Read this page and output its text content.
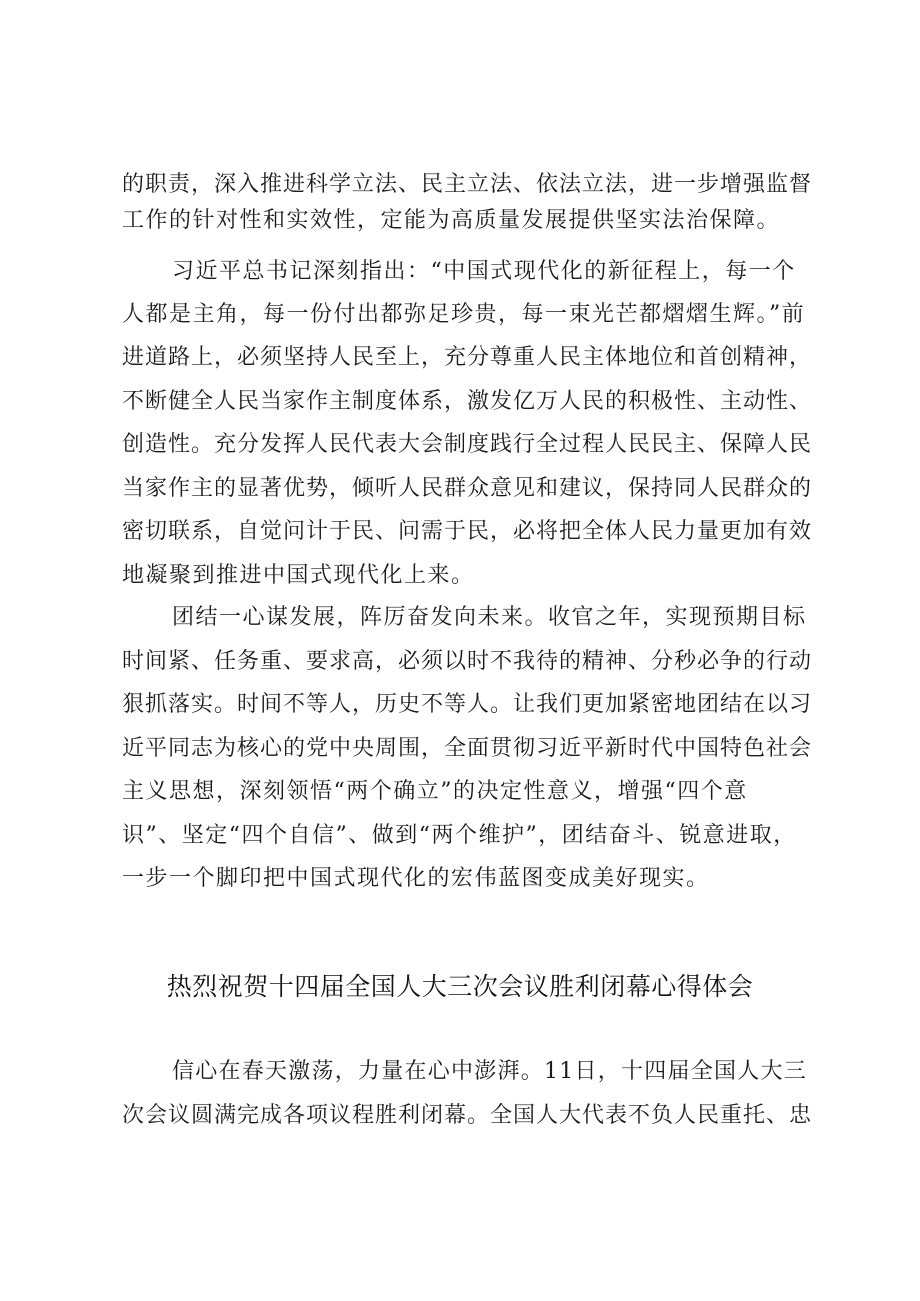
的职责，深入推进科学立法、民主立法、依法立法，进一步增强监督
工作的针对性和实效性，定能为高质量发展提供坚实法治保障。
习近平总书记深刻指出：“中国式现代化的新征程上，每一个
人都是主角，每一份付出都弥足珍贵，每一束光芒都熠熠生辉。”前
进道路上，必须坚持人民至上，充分尊重人民主体地位和首创精神，
不断健全人民当家作主制度体系，激发亿万人民的积极性、主动性、
创造性。充分发挥人民代表大会制度践行全过程人民民主、保障人民
当家作主的显著优势，倾听人民群众意见和建议，保持同人民群众的
密切联系，自觉问计于民、问需于民，必将把全体人民力量更加有效
地凝聚到推进中国式现代化上来。
团结一心谋发展，阵厉奋发向未来。收官之年，实现预期目标
时间紧、任务重、要求高，必须以时不我待的精神、分秒必争的行动
狠抓落实。时间不等人，历史不等人。让我们更加紧密地团结在以习
近平同志为核心的党中央周围，全面贯彻习近平新时代中国特色社会
主义思想，深刻领悟“两个确立”的决定性意义，增强“四个意
识”、坚定“四个自信”、做到“两个维护”，团结奋斗、锐意进取，
一步一个脚印把中国式现代化的宏伟蓝图变成美好现实。
热烈祝贺十四届全国人大三次会议胜利闭幕心得体会
信心在春天激荡，力量在心中澎湃。11日，十四届全国人大三
次会议圆满完成各项议程胜利闭幕。全国人大代表不负人民重托、忠
